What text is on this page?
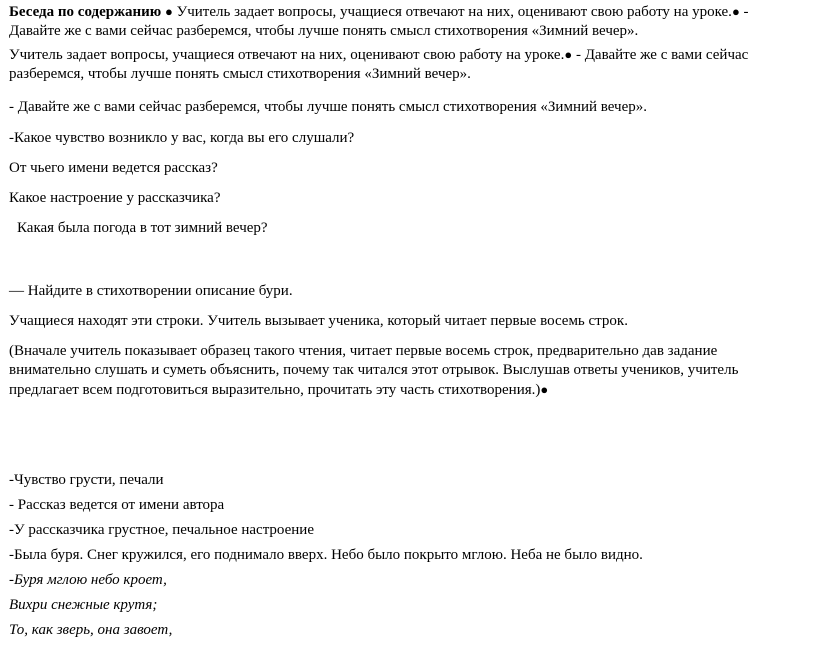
Беседа по содержанию ● Учитель задает вопросы, учащиеся отвечают на них, оценивают свою работу на уроке.● - Давайте же с вами сейчас разберемся, чтобы лучше понять смысл стихотворения «Зимний вечер».
Учитель задает вопросы, учащиеся отвечают на них, оценивают свою работу на уроке.● - Давайте же с вами сейчас разберемся, чтобы лучше понять смысл стихотворения «Зимний вечер».
- Давайте же с вами сейчас разберемся, чтобы лучше понять смысл стихотворения «Зимний вечер».
-Какое чувство возникло у вас, когда вы его слушали?
От чьего имени ведется рассказ?
Какое настроение у рассказчика?
Какая была погода в тот зимний вечер?
— Найдите в стихотворении описание бури.
Учащиеся находят эти строки. Учитель вызывает ученика, который читает первые восемь строк.
(Вначале учитель показывает образец такого чтения, читает первые восемь строк, предварительно дав задание внимательно слушать и суметь объяснить, почему так читался этот отрывок. Выслушав ответы учеников, учитель предлагает всем подготовиться выразительно, прочитать эту часть стихотворения.)●
-Чувство грусти, печали
- Рассказ ведется от имени автора
-У рассказчика грустное, печальное настроение
-Была буря. Снег кружился, его поднимало вверх. Небо было покрыто мглою. Неба не было видно.
-Буря мглою небо кроет,
Вихри снежные крутя;
То, как зверь, она завоет,
